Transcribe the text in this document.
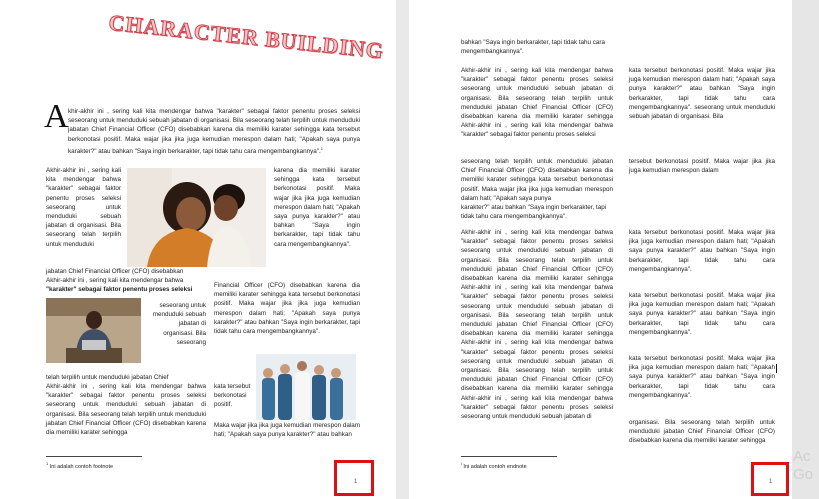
CHARACTER BUILDING
A khir-akhir ini , sering kali kita mendengar bahwa "karakter" sebagai faktor penentu proses seleksi seseorang untuk menduduki sebuah jabatan di organisasi. Bila seseorang telah terpilih untuk menduduki jabatan Chief Financial Officer (CFO) disebabkan karena dia memiliki karater sehingga kata tersebut berkonotasi positif. Maka wajar jika jika juga kemudian merespon dalam hati; "Apakah saya punya karakter?" atau bahkan "Saya ingin berkarakter, tapi tidak tahu cara mengembangkannya".$^1$
Akhir-akhir ini , sering kali kita mendengar bahwa "karakter" sebagai faktor penentu proses seleksi seseorang untuk menduduki sebuah jabatan di organisasi. Bila seseorang telah terpilih untuk menduduki
karena dia memiliki karater sehingga kata tersebut berkonotasi positif. Maka wajar jika jika juga kemudian merespon dalam hati; "Apakah saya punya karakter?" atau bahkan "Saya ingin berkarakter, tapi tidak tahu cara mengembangkannya".
jabatan Chief Financial Officer (CFO) disebabkan
Akhir-akhir ini , sering kali kita mendengar bahwa
"karakter" sebagai faktor penentu proses seleksi
seseorang untuk menduduki sebuah jabatan di organisasi. Bila seseorang
telah terpilih untuk menduduki jabatan Chief
Akhir-akhir ini , sering kali kita mendengar bahwa "karakter" sebagai faktor penentu proses seleksi seseorang untuk menduduki sebuah jabatan di organisasi. Bila seseorang telah terpilih untuk menduduki jabatan Chief Financial Officer (CFO) disebabkan karena dia memiliki karater sehingga
Financial Officer (CFO) disebabkan karena dia memiliki karater sehingga kata tersebut berkonotasi positif. Maka wajar jika jika juga kemudian merespon dalam hati; "Apakah saya punya karakter?" atau bahkan "Saya ingin berkarakter, tapi tidak tahu cara mengembangkannya".
kata tersebut berkonotasi positif.
Maka wajar jika jika juga kemudian merespon dalam hati; "Apakah saya punya karakter?" atau bahkan
$^1$ Ini adalah contoh footnote
1
bahkan "Saya ingin berkarakter, tapi tidak tahu cara mengembangkannya".
Akhir-akhir ini , sering kali kita mendengar bahwa "karakter" sebagai faktor penentu proses seleksi seseorang untuk menduduki sebuah jabatan di organisasi. Bila seseorang telah terpilih untuk menduduki jabatan Chief Financial Officer (CFO) disebabkan karena dia memiliki karater sehingga Akhir-akhir ini , sering kali kita mendengar bahwa "karakter" sebagai faktor penentu proses seleksi
kata tersebut berkonotasi positif. Maka wajar jika juga kemudian merespon dalam hati; "Apakah saya punya karakter?" atau bahkan "Saya ingin berkarakter, tapi tidak tahu cara mengembangkannya". seseorang untuk menduduki sebuah jabatan di organisasi. Bila
seseorang telah terpilih untuk menduduki jabatan Chief Financial Officer (CFO) disebabkan karena dia memiliki karater sehingga kata tersebut berkonotasi positif. Maka wajar jika jika juga kemudian merespon dalam hati; "Apakah saya punya
tersebut berkonotasi positif. Maka wajar jika jika juga kemudian merespon dalam
karakter?" atau bahkan "Saya ingin berkarakter, tapi tidak tahu cara mengembangkannya".
Akhir-akhir ini , sering kali kita mendengar bahwa "karakter" sebagai faktor penentu proses seleksi seseorang untuk menduduki sebuah jabatan di organisasi. Bila seseorang telah terpilih untuk menduduki jabatan Chief Financial Officer (CFO) disebabkan karena dia memiliki karater sehingga Akhir-akhir ini , sering kali kita mendengar bahwa "karakter" sebagai faktor penentu proses seleksi seseorang untuk menduduki sebuah jabatan di organisasi. Bila seseorang telah terpilih untuk menduduki jabatan Chief Financial Officer (CFO) disebabkan karena dia memiliki karater sehingga Akhir-akhir ini , sering kali kita mendengar bahwa "karakter" sebagai faktor penentu proses seleksi seseorang untuk menduduki sebuah jabatan di organisasi. Bila seseorang telah terpilih untuk menduduki jabatan Chief Financial Officer (CFO) disebabkan karena dia memiliki karater sehingga Akhir-akhir ini , sering kali kita mendengar bahwa "karakter" sebagai faktor penentu proses seleksi seseorang untuk menduduki sebuah jabatan di
kata tersebut berkonotasi positif. Maka wajar jika jika juga kemudian merespon dalam hati; "Apakah saya punya karakter?" atau bahkan "Saya ingin berkarakter, tapi tidak tahu cara mengembangkannya".
kata tersebut berkonotasi positif. Maka wajar jika jika juga kemudian merespon dalam hati; "Apakah saya punya karakter?" atau bahkan "Saya ingin berkarakter, tapi tidak tahu cara mengembangkannya".
kata tersebut berkonotasi positif. Maka wajar jika jika juga kemudian merespon dalam hati; "Apakah saya punya karakter?" atau bahkan "Saya ingin berkarakter, tapi tidak tahu cara mengembangkannya".
organisasi. Bila seseorang telah terpilih untuk menduduki jabatan Chief Financial Officer (CFO) disebabkan karena dia memiliki karater sehingga
$^i$ Ini adalah contoh endnote
1
Ac
Go
